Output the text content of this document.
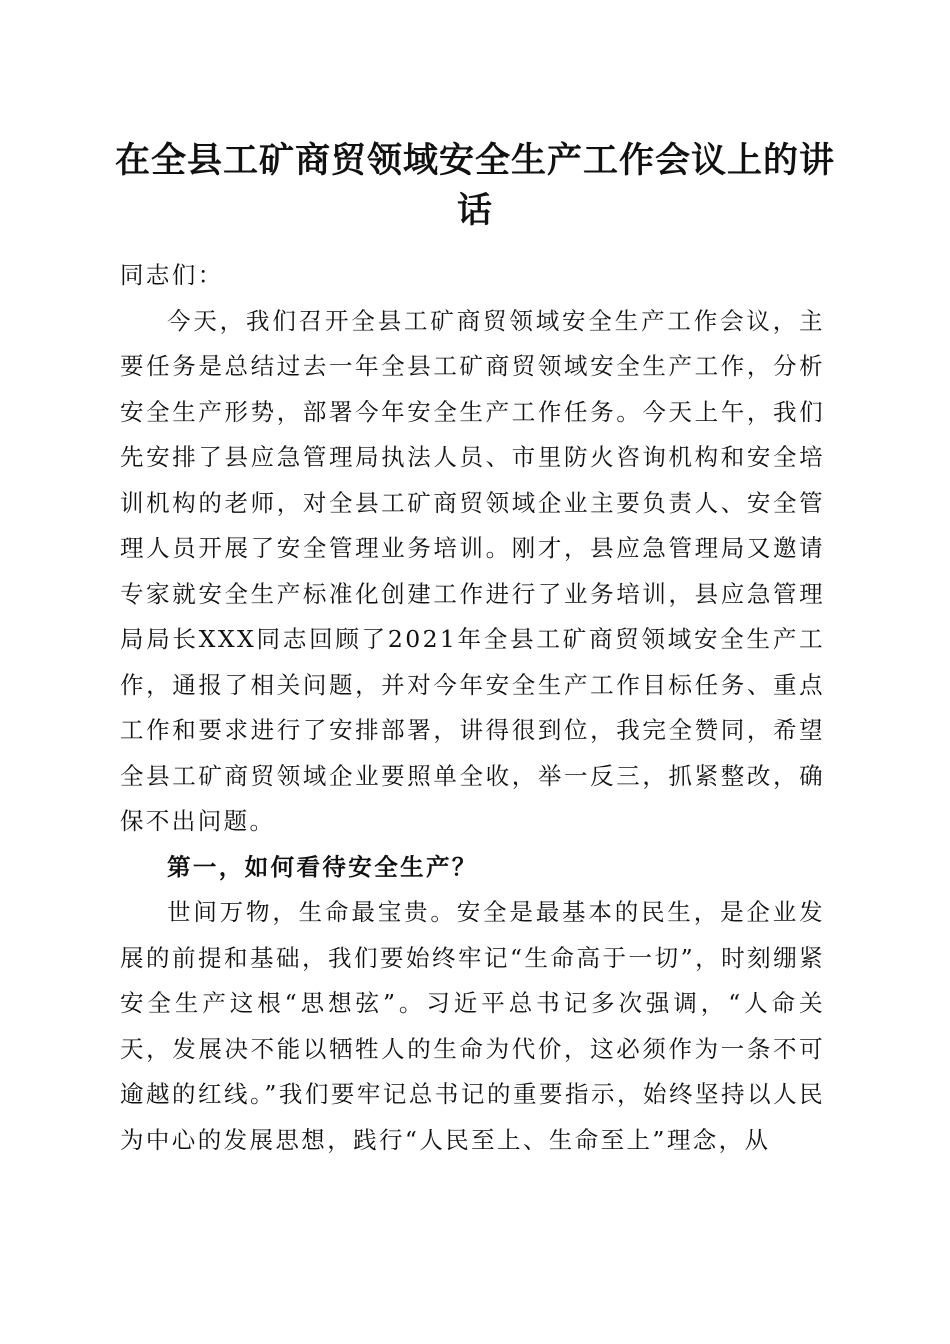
在全县工矿商贸领域安全生产工作会议上的讲话

同志们：

今天，我们召开全县工矿商贸领域安全生产工作会议，主要任务是总结过去一年全县工矿商贸领域安全生产工作，分析安全生产形势，部署今年安全生产工作任务。今天上午，我们先安排了县应急管理局执法人员、市里防火咨询机构和安全培训机构的老师，对全县工矿商贸领域企业主要负责人、安全管理人员开展了安全管理业务培训。刚才，县应急管理局又邀请专家就安全生产标准化创建工作进行了业务培训，县应急管理局局长XXX同志回顾了2021年全县工矿商贸领域安全生产工作，通报了相关问题，并对今年安全生产工作目标任务、重点工作和要求进行了安排部署，讲得很到位，我完全赞同，希望全县工矿商贸领域企业要照单全收，举一反三，抓紧整改，确保不出问题。

第一，如何看待安全生产？

世间万物，生命最宝贵。安全是最基本的民生，是企业发展的前提和基础，我们要始终牢记“生命高于一切”，时刻绷紧安全生产这根“思想弦”。习近平总书记多次强调，“人命关天，发展决不能以牺牲人的生命为代价，这必须作为一条不可逾越的红线。”我们要牢记总书记的重要指示，始终坚持以人民为中心的发展思想，践行“人民至上、生命至上”理念，从
